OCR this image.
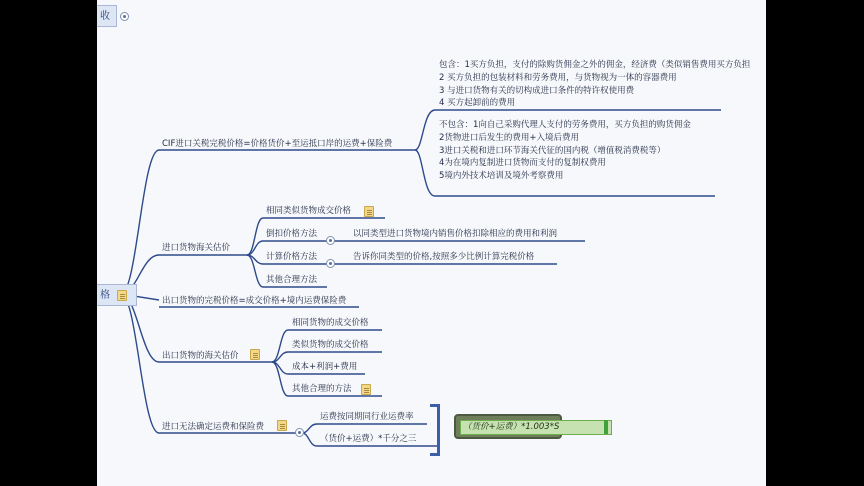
收
格
CIF进口关税完税价格=价格货价+至运抵口岸的运费+保险费
包含：1买方负担，支付的除购货佣金之外的佣金，经济费（类似销售费用买方负担
2 买方负担的包装材料和劳务费用，与货物视为一体的容器费用
3 与进口货物有关的切构成进口条件的特许权使用费
4 买方起卸前的费用
不包含：1向自己采购代理人支付的劳务费用，买方负担的购货佣金
2货物进口后发生的费用+入境后费用
3进口关税和进口环节海关代征的国内税（增值税消费税等）
4为在境内复制进口货物而支付的复制权费用
5境内外技术培训及境外考察费用
进口货物海关估价
相同类似货物成交价格
倒扣价格方法	以同类型进口货物境内销售价格扣除相应的费用和利润
计算价格方法	告诉你同类型的价格,按照多少比例计算完税价格
其他合理方法
出口货物的完税价格=成交价格+境内运费保险费
出口货物的海关估价
相同货物的成交价格
类似货物的成交价格
成本+利润+费用
其他合理的方法
进口无法确定运费和保险费
运费按同期同行业运费率
（货价+运费）*千分之三
（货价+运费）*1.003*S
